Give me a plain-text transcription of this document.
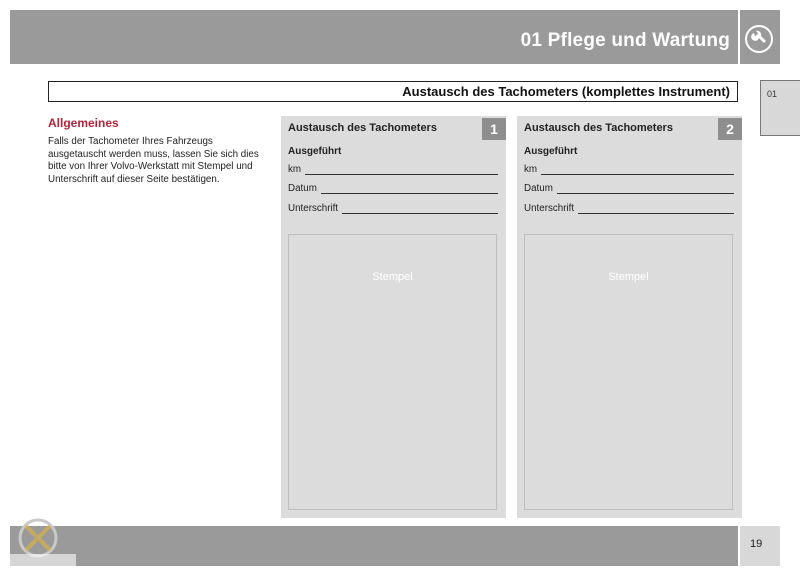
01 Pflege und Wartung
01
Austausch des Tachometers (komplettes Instrument)
Allgemeines
Falls der Tachometer Ihres Fahrzeugs ausgetauscht werden muss, lassen Sie sich dies bitte von Ihrer Volvo-Werkstatt mit Stempel und Unterschrift auf dieser Seite bestätigen.
Austausch des Tachometers	1
Ausgeführt
km
Datum
Unterschrift
Stempel
Austausch des Tachometers	2
Ausgeführt
km
Datum
Unterschrift
Stempel
19
